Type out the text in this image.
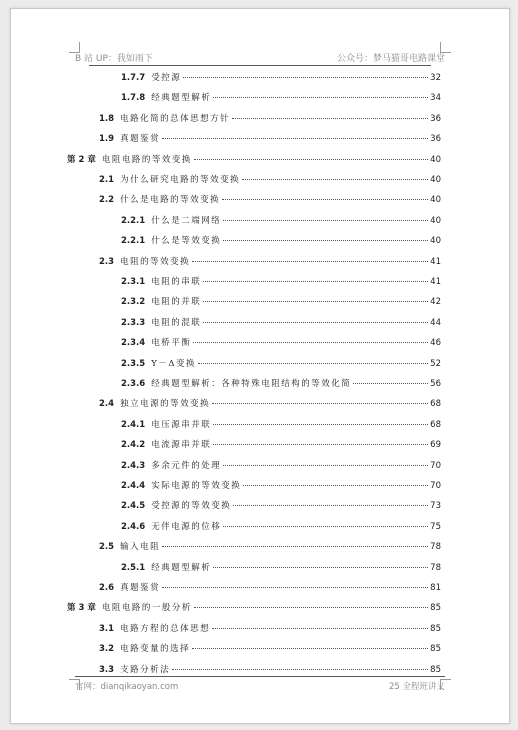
B 站 UP：我如雨下	公众号：梦马猫哥电路课堂
1.7.7 受控源	32
1.7.8 经典题型解析	34
1.8 电路化简的总体思想方针	36
1.9 真题鉴赏	36
第 2 章 电阻电路的等效变换	40
2.1 为什么研究电路的等效变换	40
2.2 什么是电路的等效变换	40
2.2.1 什么是二端网络	40
2.2.1 什么是等效变换	40
2.3 电阻的等效变换	41
2.3.1 电阻的串联	41
2.3.2 电阻的并联	42
2.3.3 电阻的混联	44
2.3.4 电桥平衡	46
2.3.5 Y－Δ变换	52
2.3.6 经典题型解析：各种特殊电阻结构的等效化简	56
2.4 独立电源的等效变换	68
2.4.1 电压源串并联	68
2.4.2 电流源串并联	69
2.4.3 多余元件的处理	70
2.4.4 实际电源的等效变换	70
2.4.5 受控源的等效变换	73
2.4.6 无伴电源的位移	75
2.5 输入电阻	78
2.5.1 经典题型解析	78
2.6 真题鉴赏	81
第 3 章 电阻电路的一般分析	85
3.1 电路方程的总体思想	85
3.2 电路变量的选择	85
3.3 支路分析法	85
官网：dianqikaoyan.com	25 全程班讲义
